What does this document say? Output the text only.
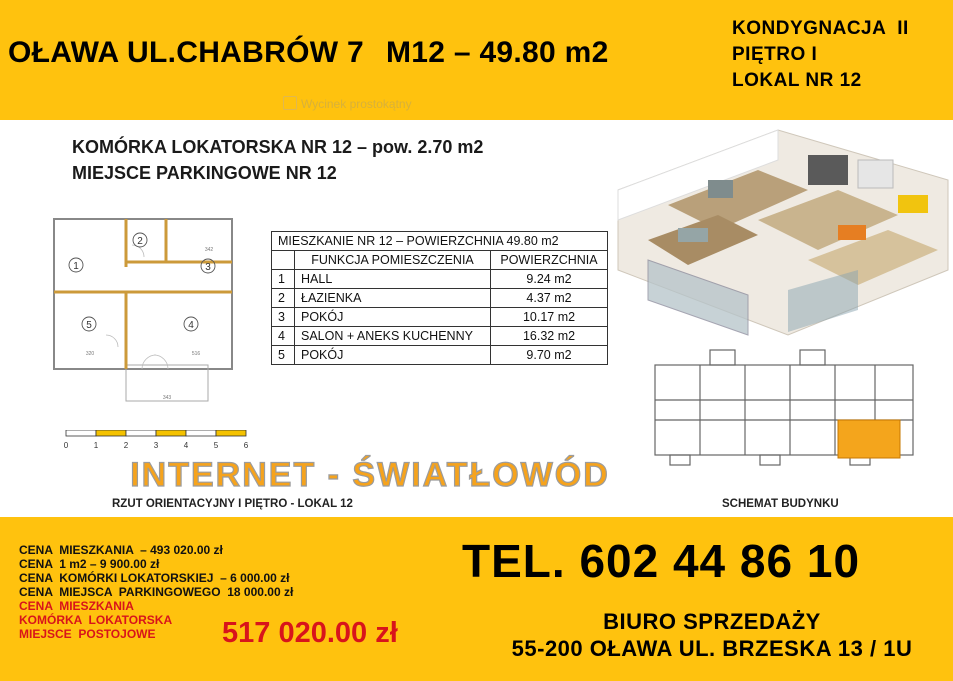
OŁAWA UL.CHABRÓW 7 M12 – 49.80 m2
KONDYGNACJA  II
PIĘTRO I
LOKAL NR 12
Wycinek prostokątny
KOMÓRKA LOKATORSKA NR 12 – pow. 2.70 m2
MIEJSCE PARKINGOWE NR 12
1
2
3
4
5
342
320	516
343
0	1	2	3	4	5	6
MIESZKANIE NR 12 – POWIERZCHNIA 49.80 m2		
	FUNKCJA POMIESZCZENIA	POWIERZCHNIA
1	HALL	9.24 m2
2	ŁAZIENKA	4.37 m2
3	POKÓJ	10.17 m2
4	SALON + ANEKS KUCHENNY	16.32 m2
5	POKÓJ	9.70 m2
INTERNET - ŚWIATŁOWÓD
RZUT ORIENTACYJNY I PIĘTRO - LOKAL 12	SCHEMAT BUDYNKU
CENA  MIESZKANIA  – 493 020.00 zł
CENA  1 m2 – 9 900.00 zł
CENA  KOMÓRKI LOKATORSKIEJ  – 6 000.00 zł
CENA  MIEJSCA  PARKINGOWEGO  18 000.00 zł
CENA  MIESZKANIA
KOMÓRKA  LOKATORSKA
MIEJSCE  POSTOJOWE	517 020.00 zł
TEL. 602 44 86 10
BIURO SPRZEDAŻY
55-200 OŁAWA UL. BRZESKA 13 / 1U
